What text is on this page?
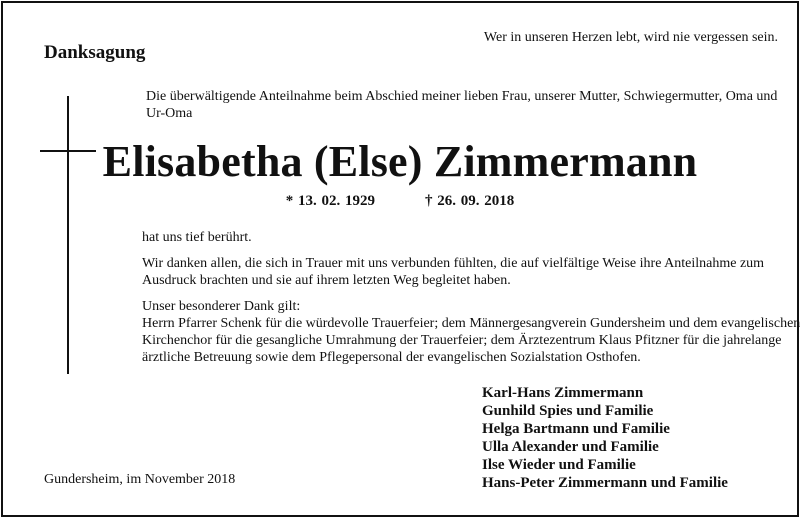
Danksagung
Wer in unseren Herzen lebt, wird nie vergessen sein.
Die überwältigende Anteilnahme beim Abschied meiner lieben Frau, unserer Mutter, Schwiegermutter, Oma und Ur-Oma
Elisabetha (Else) Zimmermann
* 13. 02. 1929	† 26. 09. 2018
hat uns tief berührt.
Wir danken allen, die sich in Trauer mit uns verbunden fühlten, die auf vielfältige Weise ihre Anteilnahme zum Ausdruck brachten und sie auf ihrem letzten Weg begleitet haben.
Unser besonderer Dank gilt:
Herrn Pfarrer Schenk für die würdevolle Trauerfeier; dem Männergesangverein Gundersheim und dem evangelischen
Kirchenchor für die gesangliche Umrahmung der Trauerfeier; dem Ärztezentrum Klaus Pfitzner für die jahrelange
ärztliche Betreuung sowie dem Pflegepersonal der evangelischen Sozialstation Osthofen.
Karl-Hans Zimmermann
Gunhild Spies und Familie
Helga Bartmann und Familie
Ulla Alexander und Familie
Ilse Wieder und Familie
Hans-Peter Zimmermann und Familie
Gundersheim, im November 2018
